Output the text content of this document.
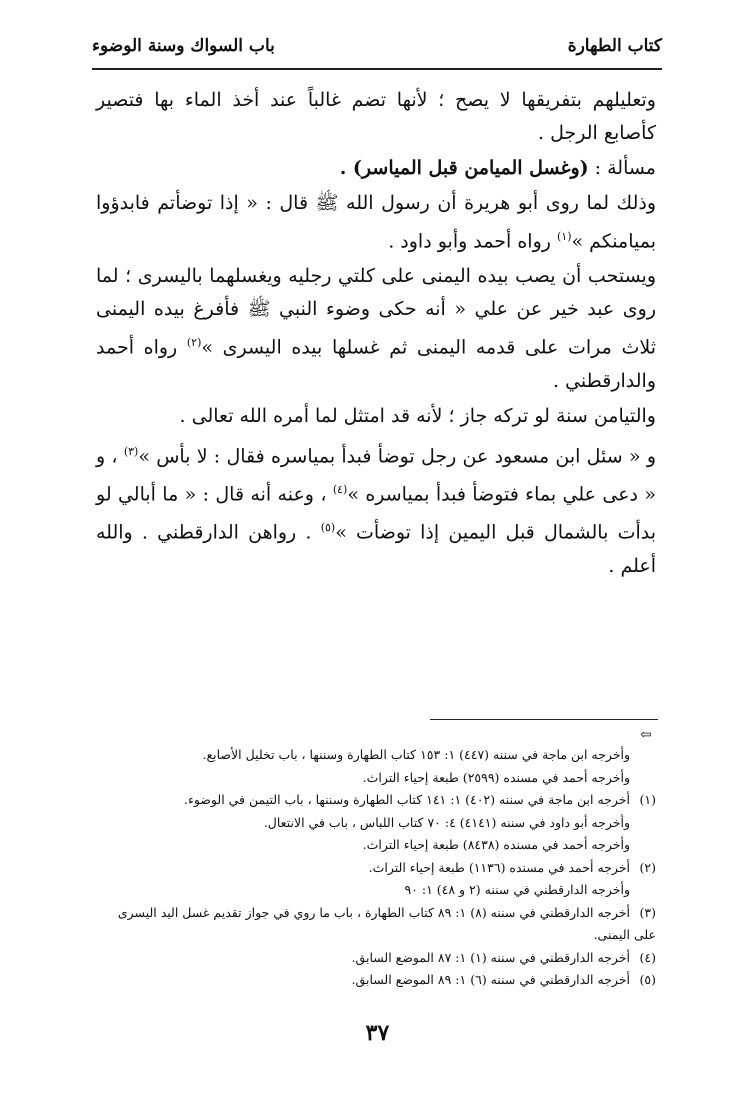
كتاب الطهارة
باب السواك وسنة الوضوء

وتعليلهم بتفريقها لا يصح ؛ لأنها تضم غالباً عند أخذ الماء بها فتصير كأصابع الرجل .

مسألة : (وغسل الميامن قبل المياسر) .

وذلك لما روى أبو هريرة أن رسول الله ﷺ قال : « إذا توضأتم فابدؤوا بميامنكم »$^{(١)}$ رواه أحمد وأبو داود .

ويستحب أن يصب بيده اليمنى على كلتي رجليه ويغسلهما باليسرى ؛ لما روى عبد خير عن علي « أنه حكى وضوء النبي ﷺ فأفرغ بيده اليمنى ثلاث مرات على قدمه اليمنى ثم غسلها بيده اليسرى »$^{(٢)}$ رواه أحمد والدارقطني .

والتيامن سنة لو تركه جاز ؛ لأنه قد امتثل لما أمره الله تعالى .

و « سئل ابن مسعود عن رجل توضأ فبدأ بمياسره فقال : لا بأس »$^{(٣)}$ ، و « دعى علي بماء فتوضأ فبدأ بمياسره »$^{(٤)}$ ، وعنه أنه قال : « ما أبالي لو بدأت بالشمال قبل اليمين إذا توضأت »$^{(٥)}$ . رواهن الدارقطني . والله أعلم .

⇦

وأخرجه ابن ماجة في سننه (٤٤٧) ١: ١٥٣ كتاب الطهارة وسننها ، باب تخليل الأصابع.

وأخرجه أحمد في مسنده (٢٥٩٩) طبعة إحياء التراث.

(١)أخرجه ابن ماجة في سننه (٤٠٢) ١: ١٤١ كتاب الطهارة وسننها ، باب التيمن في الوضوء.

وأخرجه أبو داود في سننه (٤١٤١) ٤: ٧٠ كتاب اللباس ، باب في الانتعال.

وأخرجه أحمد في مسنده (٨٤٣٨) طبعة إحياء التراث.

(٢)أخرجه أحمد في مسنده (١١٣٦) طبعة إحياء التراث.

وأخرجه الدارقطني في سننه (٢ و ٤٨) ١: ٩٠

(٣)أخرجه الدارقطني في سننه (٨) ١: ٨٩ كتاب الطهارة ، باب ما روي في جواز تقديم غسل اليد اليسرى على اليمنى.

(٤)أخرجه الدارقطني في سننه (١) ١: ٨٧ الموضع السابق.

(٥)أخرجه الدارقطني في سننه (٦) ١: ٨٩ الموضع السابق.

٣٧
